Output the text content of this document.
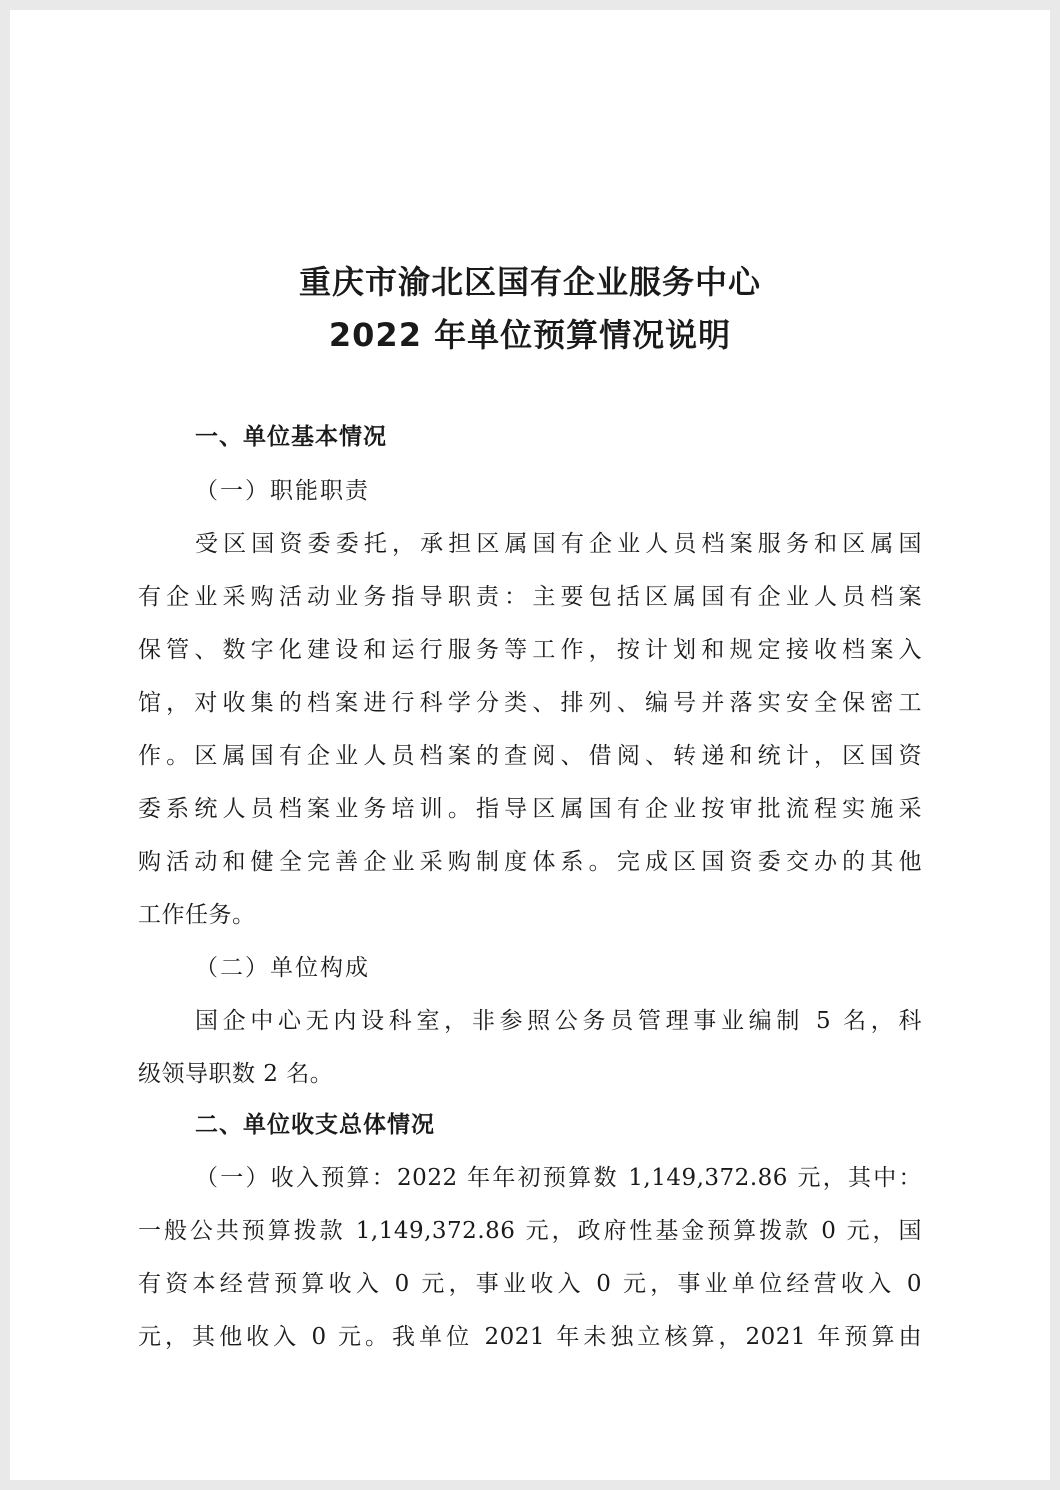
重庆市渝北区国有企业服务中心
2022 年单位预算情况说明
一、单位基本情况
（一）职能职责
受区国资委委托，承担区属国有企业人员档案服务和区属国
有企业采购活动业务指导职责：主要包括区属国有企业人员档案
保管、数字化建设和运行服务等工作，按计划和规定接收档案入
馆，对收集的档案进行科学分类、排列、编号并落实安全保密工
作。区属国有企业人员档案的查阅、借阅、转递和统计，区国资
委系统人员档案业务培训。指导区属国有企业按审批流程实施采
购活动和健全完善企业采购制度体系。完成区国资委交办的其他
工作任务。
（二）单位构成
国企中心无内设科室，非参照公务员管理事业编制 5 名，科
级领导职数 2 名。
二、单位收支总体情况
（一）收入预算：2022 年年初预算数 1,149,372.86 元，其中：
一般公共预算拨款 1,149,372.86 元，政府性基金预算拨款 0 元，国
有资本经营预算收入 0 元，事业收入 0 元，事业单位经营收入 0
元，其他收入 0 元。我单位 2021 年未独立核算，2021 年预算由
